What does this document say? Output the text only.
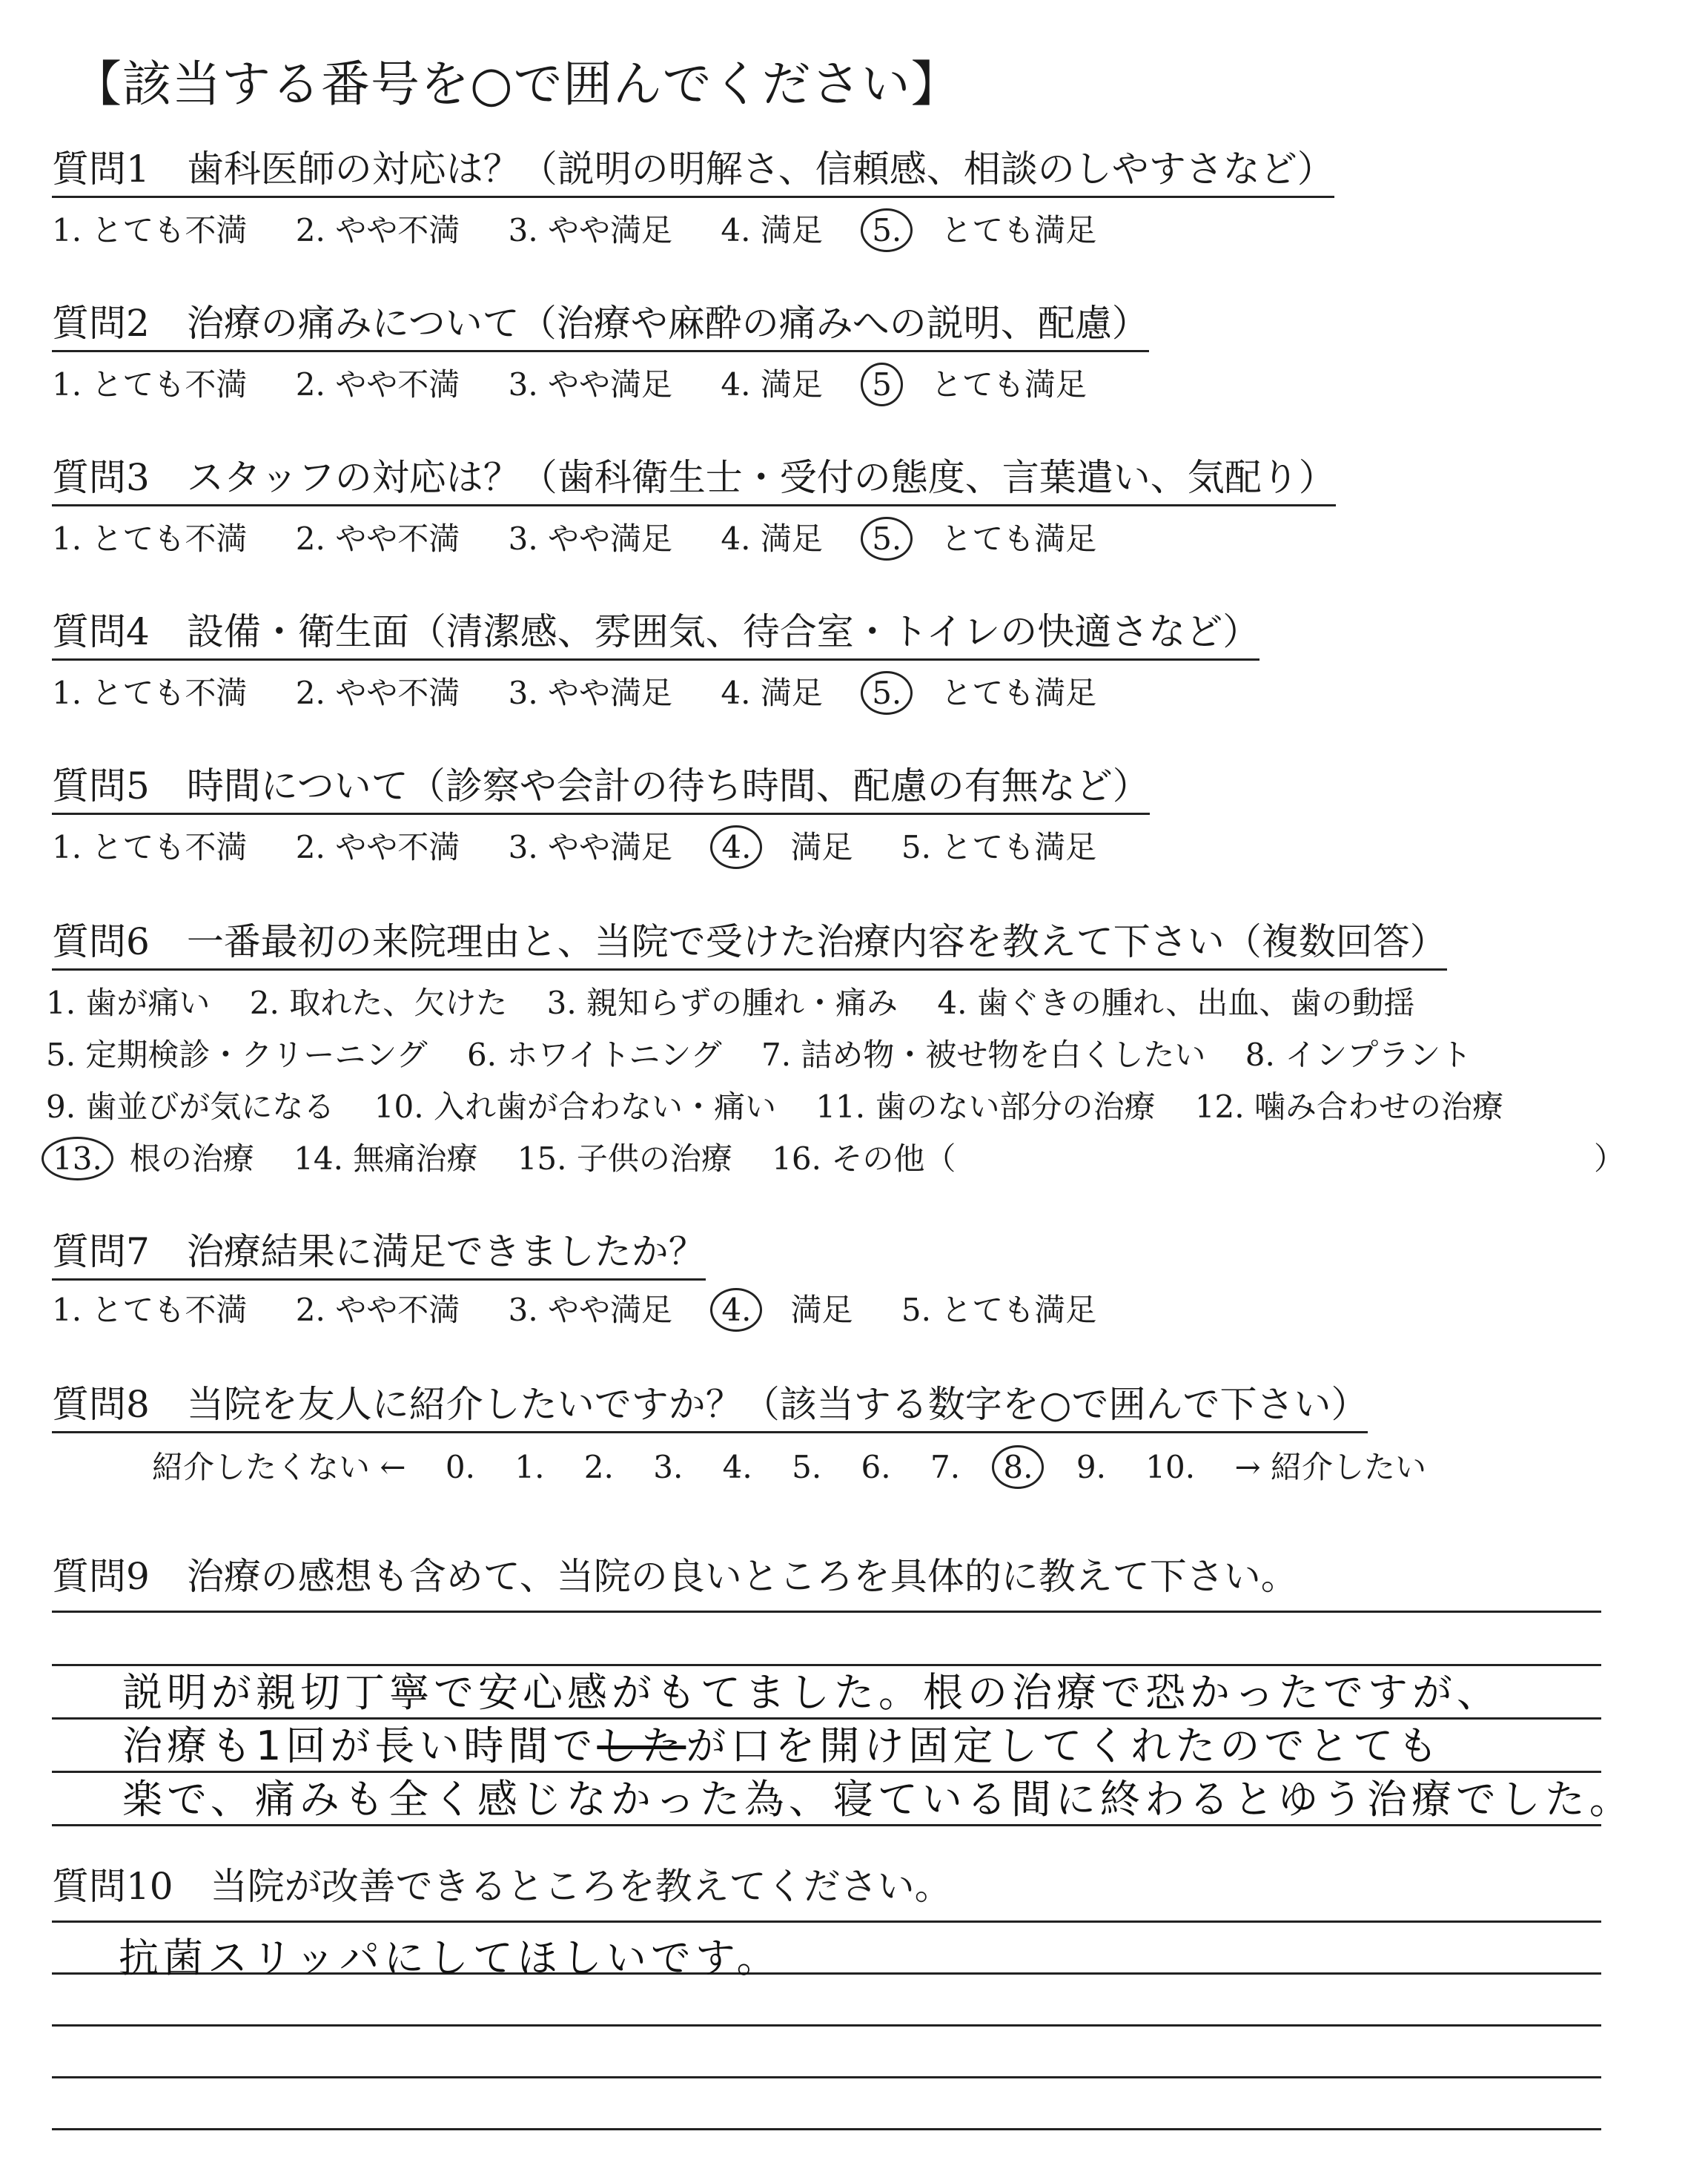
【該当する番号を○で囲んでください】
質問1　 歯科医師の対応は？（説明の明解さ、信頼感、相談のしやすさなど）
1. とても不満 2. やや不満 3. やや満足 4. 満足 5. とても満足
質問2　 治療の痛みについて（治療や麻酔の痛みへの説明、配慮）
1. とても不満 2. やや不満 3. やや満足 4. 満足 5 とても満足
質問3　 スタッフの対応は？（歯科衛生士・受付の態度、言葉遣い、気配り）
1. とても不満 2. やや不満 3. やや満足 4. 満足 5. とても満足
質問4　 設備・衛生面（清潔感、雰囲気、待合室・トイレの快適さなど）
1. とても不満 2. やや不満 3. やや満足 4. 満足 5. とても満足
質問5　 時間について（診察や会計の待ち時間、配慮の有無など）
1. とても不満 2. やや不満 3. やや満足 4. 満足 5. とても満足
質問6　 一番最初の来院理由と、当院で受けた治療内容を教えて下さい（複数回答）
1. 歯が痛い 2. 取れた、欠けた 3. 親知らずの腫れ・痛み 4. 歯ぐきの腫れ、出血、歯の動揺
5. 定期検診・クリーニング 6. ホワイトニング 7. 詰め物・被せ物を白くしたい 8. インプラント
9. 歯並びが気になる 10. 入れ歯が合わない・痛い 11. 歯のない部分の治療 12. 噛み合わせの治療
13. 根の治療 14. 無痛治療 15. 子供の治療 16. その他（	）
質問7　 治療結果に満足できましたか？
1. とても不満 2. やや不満 3. やや満足 4. 満足 5. とても満足
質問8　 当院を友人に紹介したいですか？（該当する数字を○で囲んで下さい）
紹介したくない ← 0. 1. 2. 3. 4. 5. 6. 7. 8. 9. 10. → 紹介したい
質問9　 治療の感想も含めて、当院の良いところを具体的に教えて下さい。
説明が親切丁寧で安心感がもてました。根の治療で恐かったですが、
治療も1回が長い時間でしたが口を開け固定してくれたのでとても
楽で、痛みも全く感じなかった為、寝ている間に終わるとゆう治療でした。
質問10　 当院が改善できるところを教えてください。
抗菌スリッパにしてほしいです。
